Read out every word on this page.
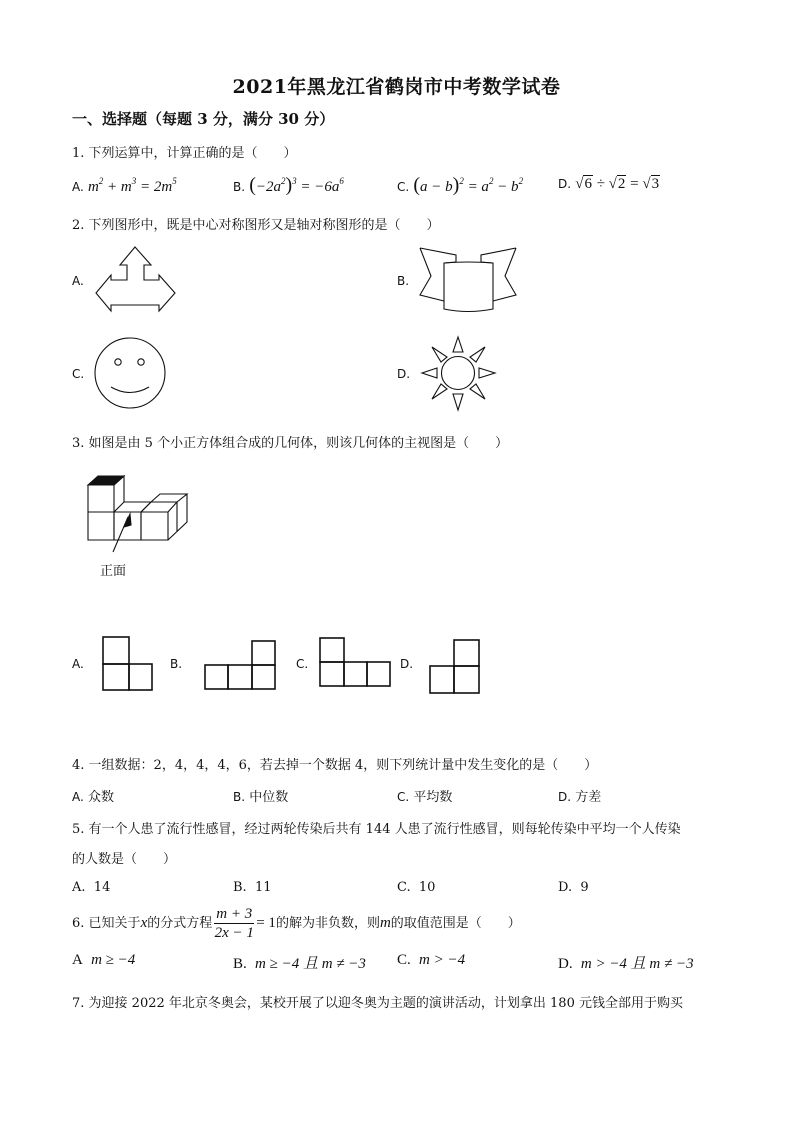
2021年黑龙江省鹤岗市中考数学试卷
一、选择题（每题 3 分，满分 30 分）
1. 下列运算中，计算正确的是（　　）
A. $m^2 + m^3 = 2m^5$	B. $(-2a^2)^3 = -6a^6$	C. $(a - b)^2 = a^2 - b^2$	D. √6 ÷ √2 = √3
2. 下列图形中，既是中心对称图形又是轴对称图形的是（　　）
A.	B.
C.	D.
3. 如图是由 5 个小正方体组合成的几何体，则该几何体的主视图是（　　）
正面
A.	B.	C.	D.
4. 一组数据：2，4，4，4，6，若去掉一个数据 4，则下列统计量中发生变化的是（　　）
A. 众数	B. 中位数	C. 平均数	D. 方差
5. 有一个人患了流行性感冒，经过两轮传染后共有 144 人患了流行性感冒，则每轮传染中平均一个人传染
的人数是（　　）
A. 14	B. 11	C. 10	D. 9
6. 已知关于x的分式方程 $\frac{m + 3}{2x - 1} = 1$的解为非负数，则m的取值范围是（　　）
A m ≥ −4	B. m ≥ −4 且 m ≠ −3 C. m > −4	D. m > −4 且 m ≠ −3
7. 为迎接 2022 年北京冬奥会，某校开展了以迎冬奥为主题的演讲活动，计划拿出 180 元钱全部用于购买
